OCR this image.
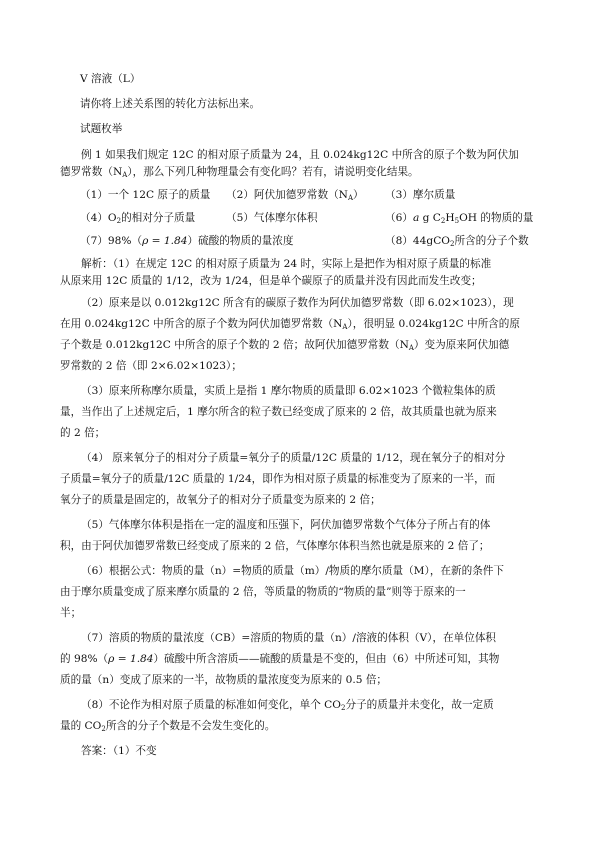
V 溶液（L）
请你将上述关系图的转化方法标出来。
试题枚举
例 1 如果我们规定 12C 的相对原子质量为 24，且 0.024kg12C 中所含的原子个数为阿伏加
德罗常数（NA），那么下列几种物理量会有变化吗？若有，请说明变化结果。
（1）一个 12C 原子的质量 （2）阿伏加德罗常数（NA） （3）摩尔质量
（4）O2的相对分子质量	（5）气体摩尔体积	（6）a g C2H5OH 的物质的量
（7）98%（ρ = 1.84）硫酸的物质的量浓度	（8）44gCO2所含的分子个数
解析：（1）在规定 12C 的相对原子质量为 24 时，实际上是把作为相对原子质量的标准
从原来用 12C 质量的 1/12，改为 1/24，但是单个碳原子的质量并没有因此而发生改变；
（2）原来是以 0.012kg12C 所含有的碳原子数作为阿伏加德罗常数（即 6.02×1023），现
在用 0.024kg12C 中所含的原子个数为阿伏加德罗常数（NA），很明显 0.024kg12C 中所含的原
子个数是 0.012kg12C 中所含的原子个数的 2 倍；故阿伏加德罗常数（NA）变为原来阿伏加德
罗常数的 2 倍（即 2×6.02×1023）；
（3）原来所称摩尔质量，实质上是指 1 摩尔物质的质量即 6.02×1023 个微粒集体的质
量，当作出了上述规定后，1 摩尔所含的粒子数已经变成了原来的 2 倍，故其质量也就为原来
的 2 倍；
（4） 原来氧分子的相对分子质量=氧分子的质量/12C 质量的 1/12，现在氧分子的相对分
子质量=氧分子的质量/12C 质量的 1/24，即作为相对原子质量的标准变为了原来的一半，而
氧分子的质量是固定的，故氧分子的相对分子质量变为原来的 2 倍；
（5）气体摩尔体积是指在一定的温度和压强下，阿伏加德罗常数个气体分子所占有的体
积，由于阿伏加德罗常数已经变成了原来的 2 倍，气体摩尔体积当然也就是原来的 2 倍了；
（6）根据公式：物质的量（n）=物质的质量（m）/物质的摩尔质量（M），在新的条件下
由于摩尔质量变成了原来摩尔质量的 2 倍，等质量的物质的“物质的量”则等于原来的一
半；
（7）溶质的物质的量浓度（CB）=溶质的物质的量（n）/溶液的体积（V），在单位体积
的 98%（ρ = 1.84）硫酸中所含溶质——硫酸的质量是不变的，但由（6）中所述可知，其物
质的量（n）变成了原来的一半，故物质的量浓度变为原来的 0.5 倍；
（8）不论作为相对原子质量的标准如何变化，单个 CO2分子的质量并未变化，故一定质
量的 CO2所含的分子个数是不会发生变化的。
答案：（1）不变
